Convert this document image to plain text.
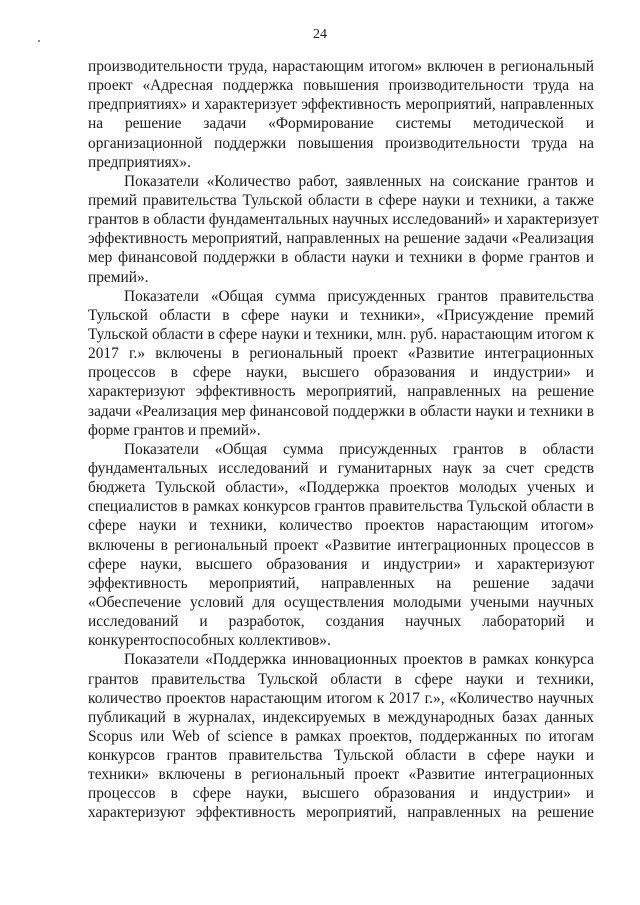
24
производительности труда, нарастающим итогом» включен в региональный
проект «Адресная поддержка повышения производительности труда на
предприятиях» и характеризует эффективность мероприятий, направленных
на решение задачи «Формирование системы методической и
организационной поддержки повышения производительности труда на
предприятиях».
Показатели «Количество работ, заявленных на соискание грантов и
премий правительства Тульской области в сфере науки и техники, а также
грантов в области фундаментальных научных исследований» и характеризует
эффективность мероприятий, направленных на решение задачи «Реализация
мер финансовой поддержки в области науки и техники в форме грантов и
премий».
Показатели «Общая сумма присужденных грантов правительства
Тульской области в сфере науки и техники», «Присуждение премий
Тульской области в сфере науки и техники, млн. руб. нарастающим итогом к
2017 г.» включены в региональный проект «Развитие интеграционных
процессов в сфере науки, высшего образования и индустрии» и
характеризуют эффективность мероприятий, направленных на решение
задачи «Реализация мер финансовой поддержки в области науки и техники в
форме грантов и премий».
Показатели «Общая сумма присужденных грантов в области
фундаментальных исследований и гуманитарных наук за счет средств
бюджета Тульской области», «Поддержка проектов молодых ученых и
специалистов в рамках конкурсов грантов правительства Тульской области в
сфере науки и техники, количество проектов нарастающим итогом»
включены в региональный проект «Развитие интеграционных процессов в
сфере науки, высшего образования и индустрии» и характеризуют
эффективность мероприятий, направленных на решение задачи
«Обеспечение условий для осуществления молодыми учеными научных
исследований и разработок, создания научных лабораторий и
конкурентоспособных коллективов».
Показатели «Поддержка инновационных проектов в рамках конкурса
грантов правительства Тульской области в сфере науки и техники,
количество проектов нарастающим итогом к 2017 г.», «Количество научных
публикаций в журналах, индексируемых в международных базах данных
Scopus или Web of science в рамках проектов, поддержанных по итогам
конкурсов грантов правительства Тульской области в сфере науки и
техники» включены в региональный проект «Развитие интеграционных
процессов в сфере науки, высшего образования и индустрии» и
характеризуют эффективность мероприятий, направленных на решение
